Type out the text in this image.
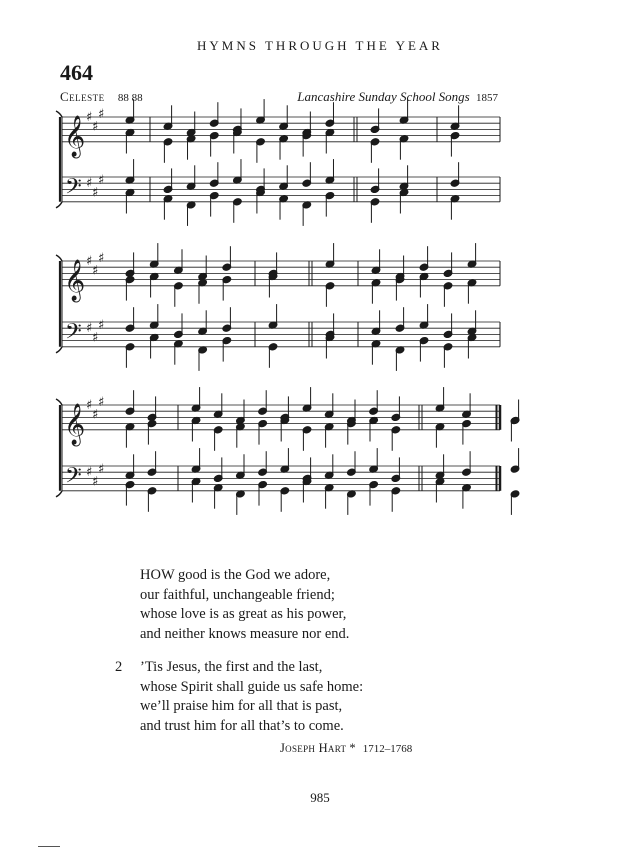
HYMNS THROUGH THE YEAR
464
Celeste 88 88	Lancashire Sunday School Songs 1857
𝄞
𝄢
♯
♯
♯
♯
♯
♯
𝄞
𝄢
♯
♯
♯
♯
♯
♯
𝄞
𝄢
♯
♯
♯
♯
♯
♯
HOW good is the God we adore,
our faithful, unchangeable friend;
whose love is as great as his power,
and neither knows measure nor end.
2 ’Tis Jesus, the first and the last,
whose Spirit shall guide us safe home:
we’ll praise him for all that is past,
and trust him for all that’s to come.
Joseph Hart * 1712–1768
985
